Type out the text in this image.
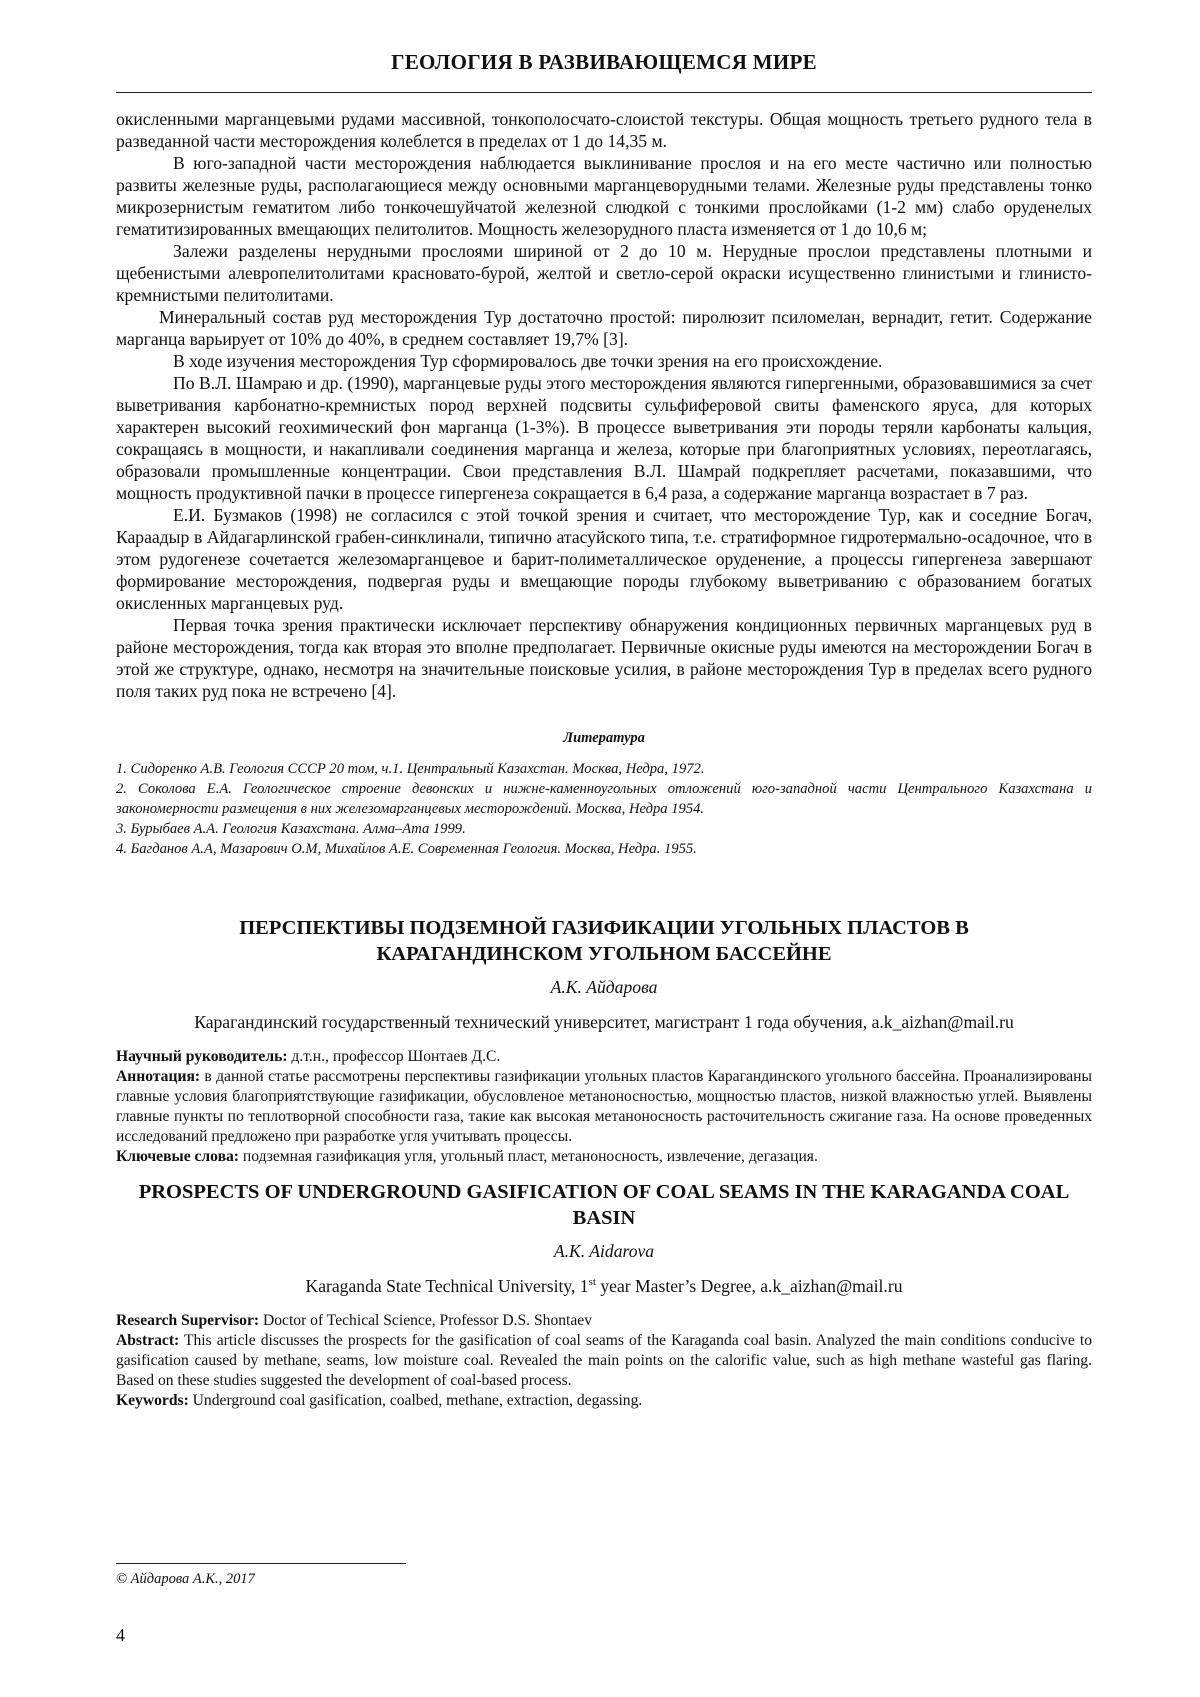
ГЕОЛОГИЯ В РАЗВИВАЮЩЕМСЯ МИРЕ

окисленными марганцевыми рудами массивной, тонкополосчато-слоистой текстуры. Общая мощность третьего рудного тела в разведанной части месторождения колеблется в пределах от 1 до 14,35 м.

В юго-западной части месторождения наблюдается выклинивание прослоя и на его месте частично или полностью развиты железные руды, располагающиеся между основными марганцеворудными телами. Железные руды представлены тонко микрозернистым гематитом либо тонкочешуйчатой железной слюдкой с тонкими прослойками (1-2 мм) слабо оруденелых гематитизированных вмещающих пелитолитов. Мощность железорудного пласта изменяется от 1 до 10,6 м;

Залежи разделены нерудными прослоями шириной от 2 до 10 м. Нерудные прослои представлены плотными и щебенистыми алевропелитолитами красновато-бурой, желтой и светло-серой окраски исущественно глинистыми и глинисто-кремнистыми пелитолитами.

Минеральный состав руд месторождения Тур достаточно простой: пиролюзит псиломелан, вернадит, гетит. Содержание марганца варьирует от 10% до 40%, в среднем составляет 19,7% [3].

В ходе изучения месторождения Тур сформировалось две точки зрения на его происхождение.

По В.Л. Шамраю и др. (1990), марганцевые руды этого месторождения являются гипергенными, образовавшимися за счет выветривания карбонатно-кремнистых пород верхней подсвиты сульфиферовой свиты фаменского яруса, для которых характерен высокий геохимический фон марганца (1-3%). В процессе выветривания эти породы теряли карбонаты кальция, сокращаясь в мощности, и накапливали соединения марганца и железа, которые при благоприятных условиях, переотлагаясь, образовали промышленные концентрации. Свои представления В.Л. Шамрай подкрепляет расчетами, показавшими, что мощность продуктивной пачки в процессе гипергенеза сокращается в 6,4 раза, а содержание марганца возрастает в 7 раз.

Е.И. Бузмаков (1998) не согласился с этой точкой зрения и считает, что месторождение Тур, как и соседние Богач, Караадыр в Айдагарлинской грабен-синклинали, типично атасуйского типа, т.е. стратиформное гидротермально-осадочное, что в этом рудогенезе сочетается железомарганцевое и барит-полиметаллическое оруденение, а процессы гипергенеза завершают формирование месторождения, подвергая руды и вмещающие породы глубокому выветриванию с образованием богатых окисленных марганцевых руд.

Первая точка зрения практически исключает перспективу обнаружения кондиционных первичных марганцевых руд в районе месторождения, тогда как вторая это вполне предполагает. Первичные окисные руды имеются на месторождении Богач в этой же структуре, однако, несмотря на значительные поисковые усилия, в районе месторождения Тур в пределах всего рудного поля таких руд пока не встречено [4].

Литература

1. Сидоренко А.В. Геология СССР 20 том, ч.1. Центральный Казахстан. Москва, Недра, 1972.

2. Соколова Е.А. Геологическое строение девонских и нижне-каменноугольных отложений юго-западной части Центрального Казахстана и закономерности размещения в них железомарганцевых месторождений. Москва, Недра 1954.

3. Бурыбаев А.А. Геология Казахстана. Алма–Ата 1999.

4. Багданов А.А, Мазарович О.М, Михайлов А.Е. Современная Геология. Москва, Недра. 1955.

ПЕРСПЕКТИВЫ ПОДЗЕМНОЙ ГАЗИФИКАЦИИ УГОЛЬНЫХ ПЛАСТОВ В КАРАГАНДИНСКОМ УГОЛЬНОМ БАССЕЙНЕ
А.К. Айдарова
Карагандинский государственный технический университет, магистрант 1 года обучения, a.k_aizhan@mail.ru

Научный руководитель: д.т.н., профессор Шонтаев Д.С.

Аннотация: в данной статье рассмотрены перспективы газификации угольных пластов Карагандинского угольного бассейна. Проанализированы главные условия благоприятствующие газификации, обусловленое метаноносностью, мощностью пластов, низкой влажностью углей. Выявлены главные пункты по теплотворной способности газа, такие как высокая метаноносность расточительность сжигание газа. На основе проведенных исследований предложено при разработке угля учитывать процессы.

Ключевые слова: подземная газификация угля, угольный пласт, метаноносность, извлечение, дегазация.

PROSPECTS OF UNDERGROUND GASIFICATION OF COAL SEAMS IN THE KARAGANDA COAL BASIN
A.K. Aidarova
Karaganda State Technical University, 1st year Master’s Degree, a.k_aizhan@mail.ru

Research Supervisor: Doctor of Techical Science, Professor D.S. Shontaev

Abstract: This article discusses the prospects for the gasification of coal seams of the Karaganda coal basin. Analyzed the main conditions conducive to gasification caused by methane, seams, low moisture coal. Revealed the main points on the calorific value, such as high methane wasteful gas flaring. Based on these studies suggested the development of coal-based process.

Keywords: Underground coal gasification, coalbed, methane, extraction, degassing.

© Айдарова А.К., 2017
4
